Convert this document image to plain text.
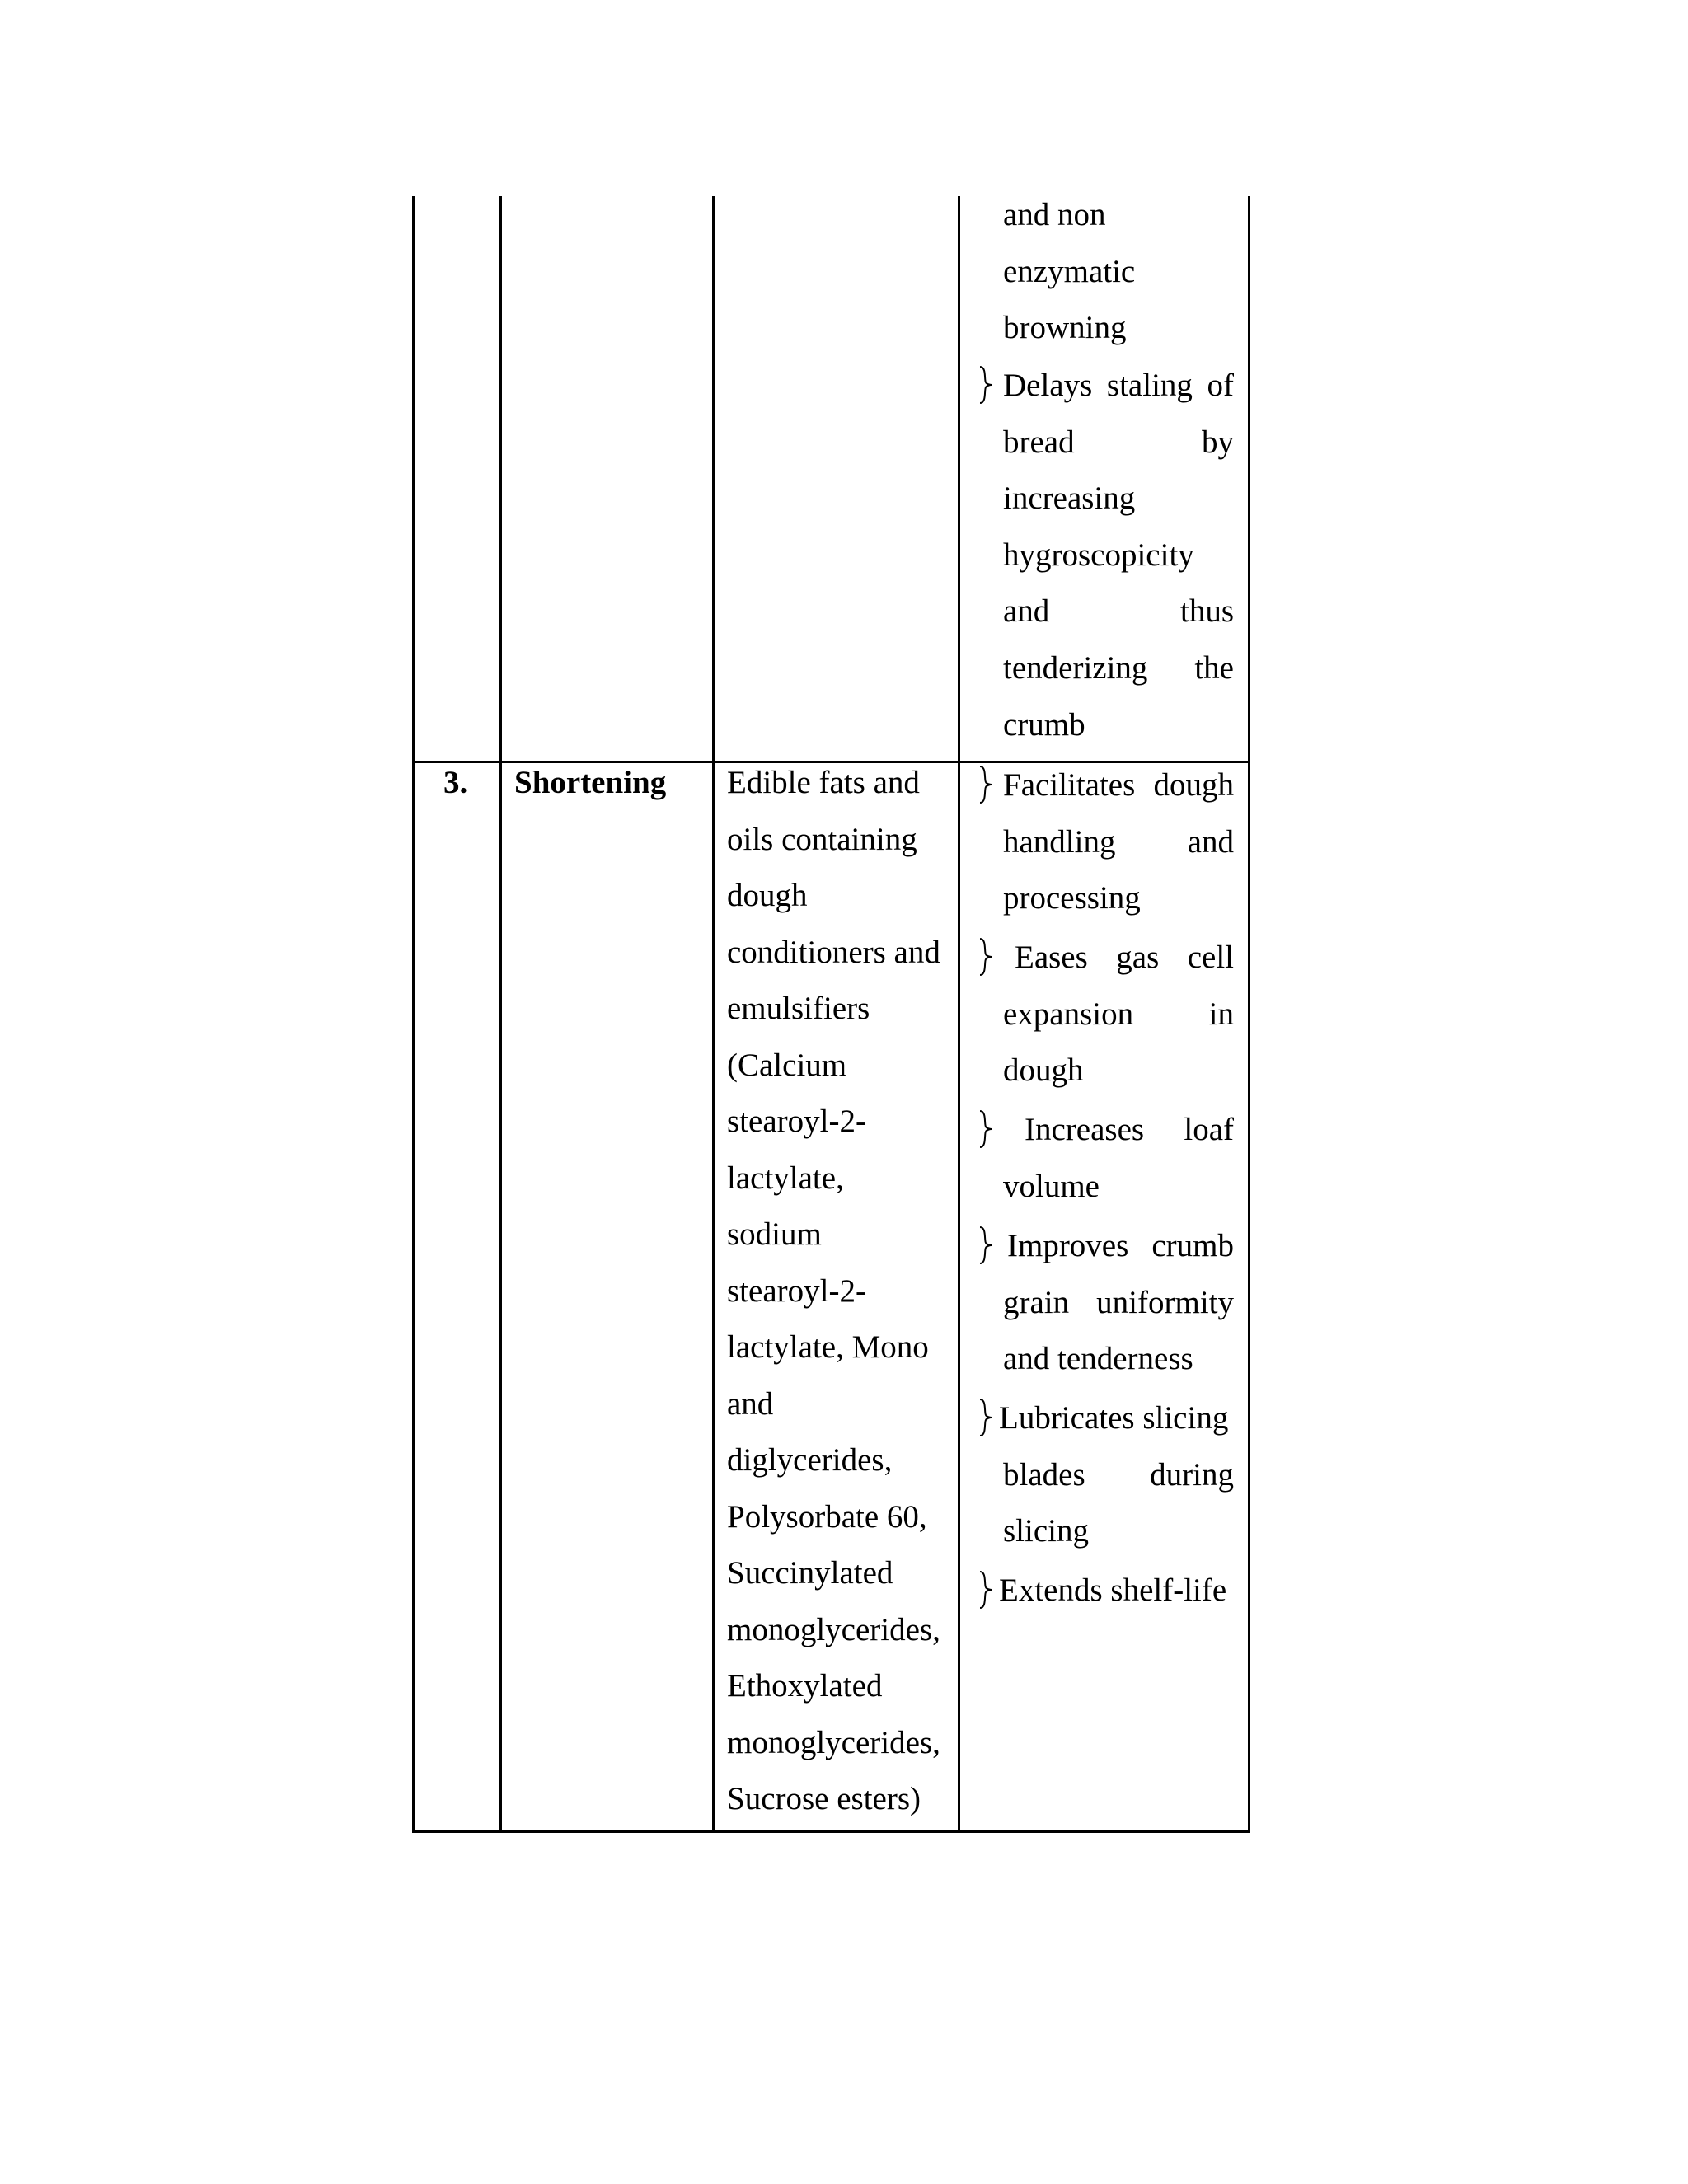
and non
enzymatic
browning
Delays staling of
bread by
increasing
hygroscopicity
and thus
tenderizing the
crumb
3. Shortening Edible fats and
oils containing
dough
conditioners and
emulsifiers
(Calcium
stearoyl-2-
lactylate,
sodium
stearoyl-2-
lactylate, Mono
and
diglycerides,
Polysorbate 60,
Succinylated
monoglycerides,
Ethoxylated
monoglycerides,
Sucrose esters)
Facilitates dough
handling and
processing
Eases gas cell
expansion in
dough
Increases loaf
volume
Improves crumb
grain uniformity
and tenderness
Lubricates slicing
blades during
slicing
Extends shelf-life
